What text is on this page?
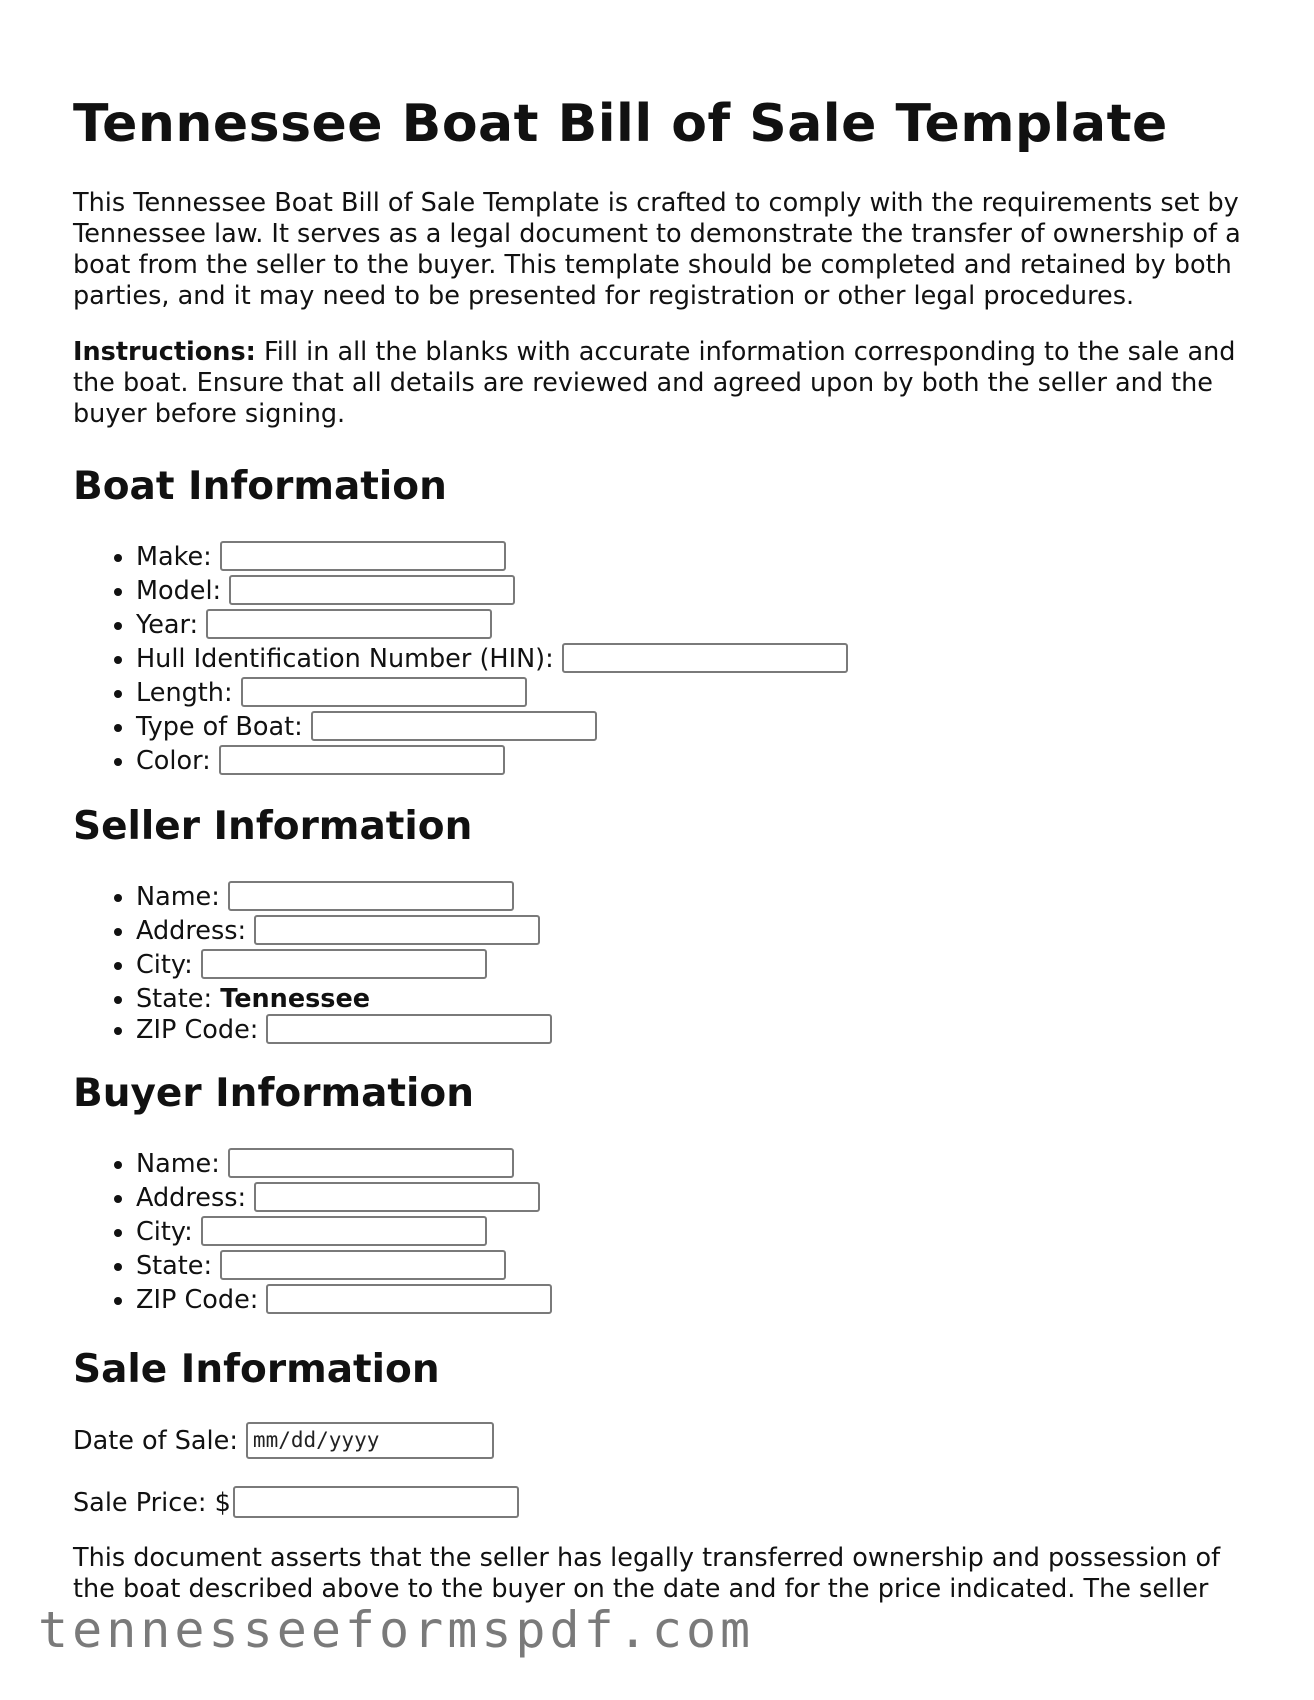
Tennessee Boat Bill of Sale Template

This Tennessee Boat Bill of Sale Template is crafted to comply with the requirements set by Tennessee law. It serves as a legal document to demonstrate the transfer of ownership of a boat from the seller to the buyer. This template should be completed and retained by both parties, and it may need to be presented for registration or other legal procedures.

Instructions: Fill in all the blanks with accurate information corresponding to the sale and the boat. Ensure that all details are reviewed and agreed upon by both the seller and the buyer before signing.

Boat Information
• Make:
• Model:
• Year:
• Hull Identification Number (HIN):
• Length:
• Type of Boat:
• Color:
Seller Information
• Name:
• Address:
• City:
• State: Tennessee
• ZIP Code:
Buyer Information
• Name:
• Address:
• City:
• State:
• ZIP Code:
Sale Information
Date of Sale: mm/dd/yyyy
Sale Price: $

This document asserts that the seller has legally transferred ownership and possession of the boat described above to the buyer on the date and for the price indicated. The seller

tennesseeformspdf.com
